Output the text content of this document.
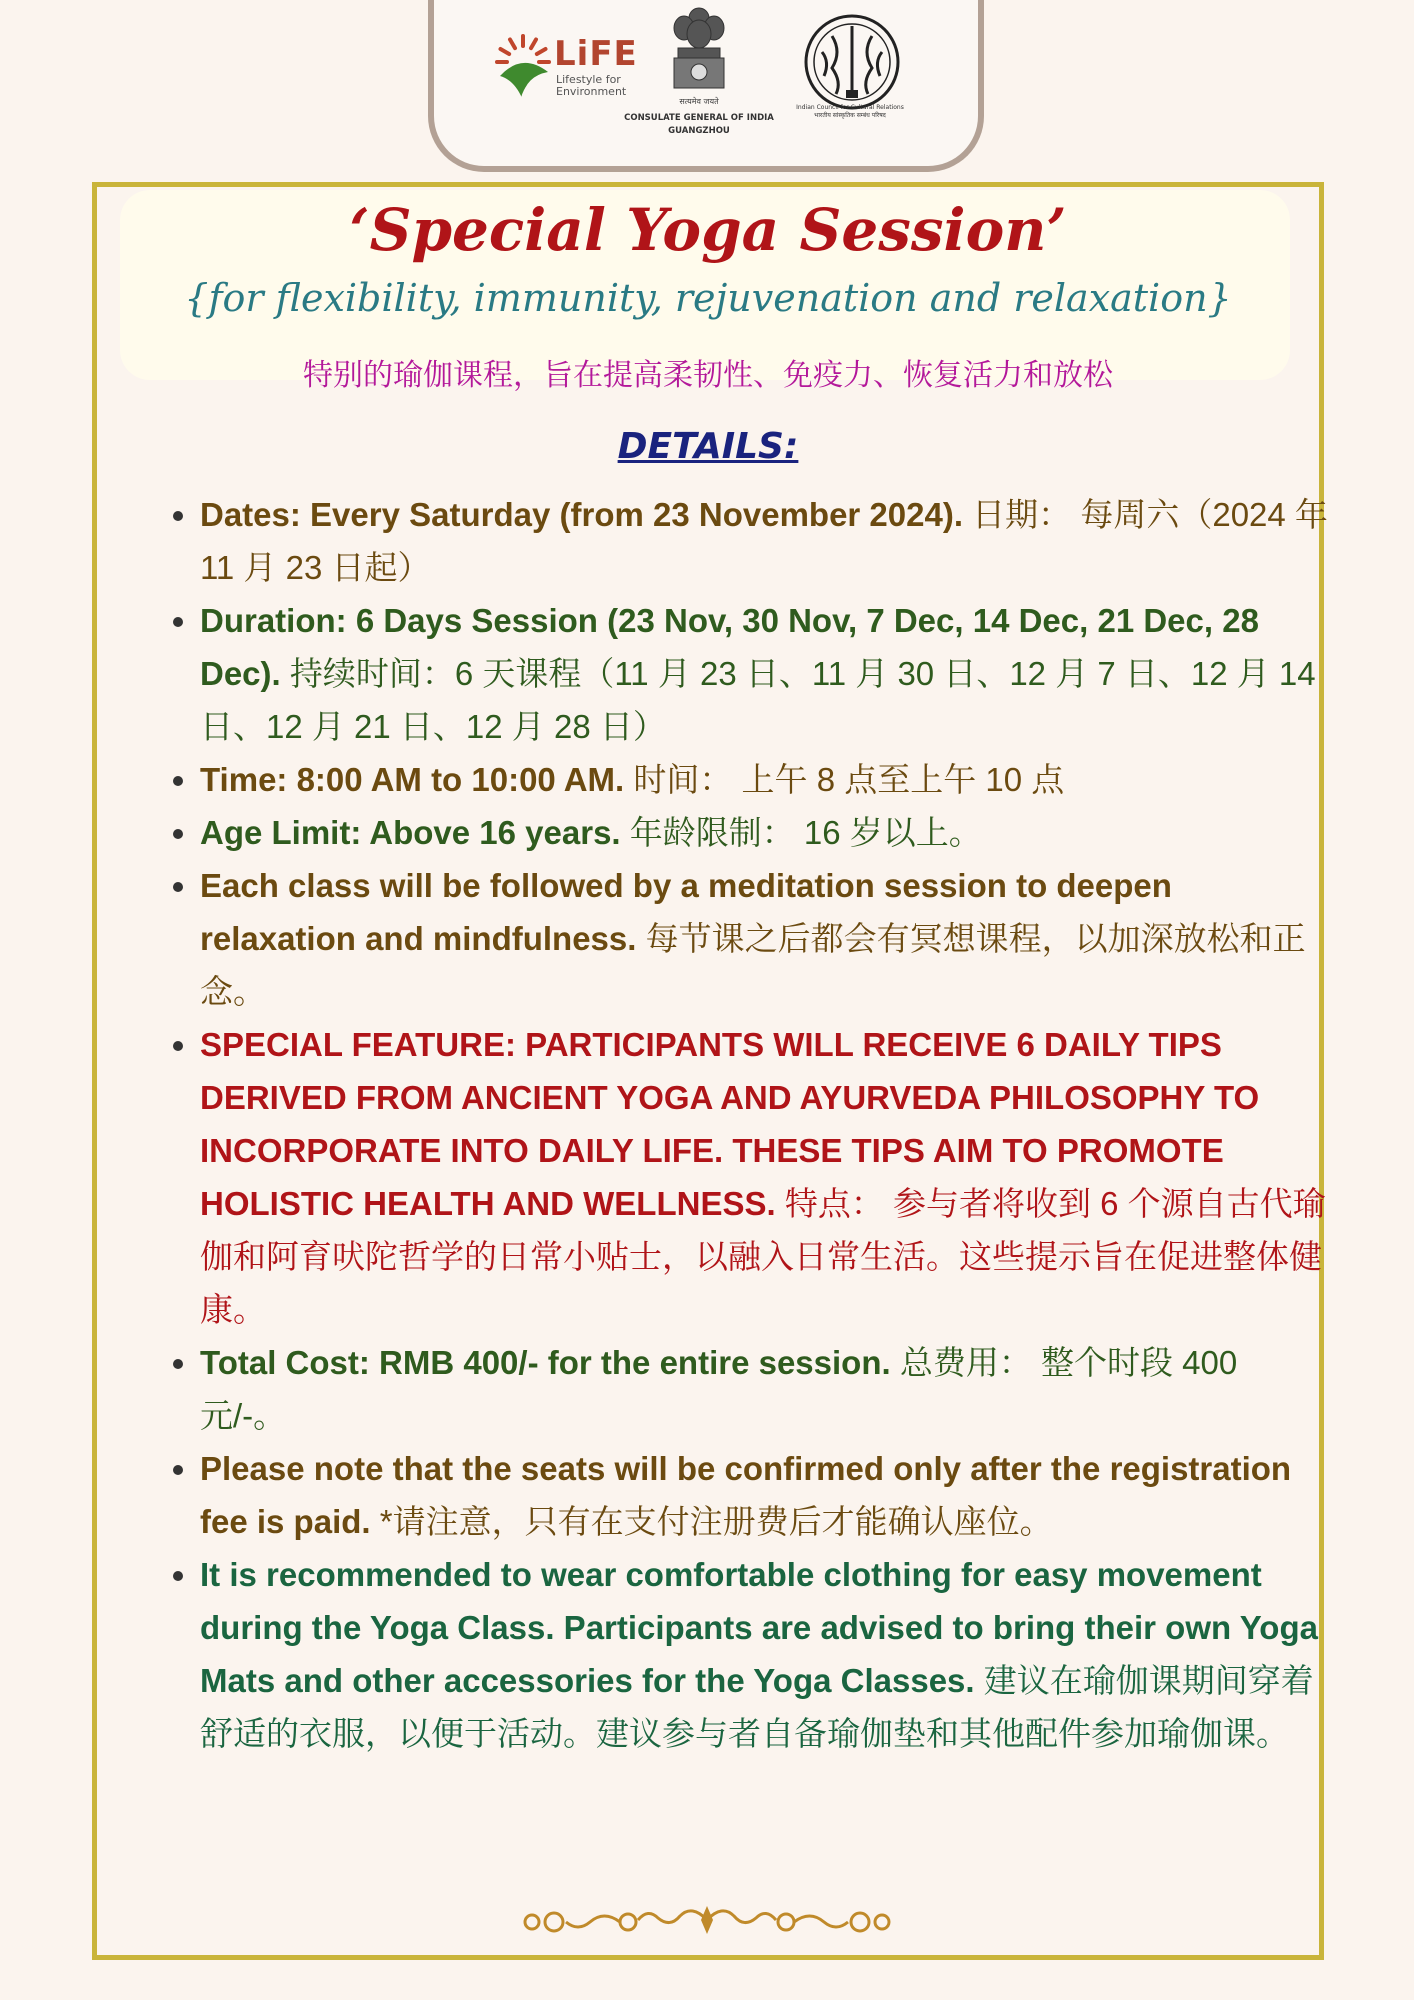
LiFE
Lifestyle for Environment
सत्यमेव जयते
CONSULATE GENERAL OF INDIA
GUANGZHOU
Indian Council for Cultural Relations
भारतीय सांस्कृतिक सम्बंध परिषद
‘Special Yoga Session’
{for flexibility, immunity, rejuvenation and relaxation}
特别的瑜伽课程，旨在提高柔韧性、免疫力、恢复活力和放松
DETAILS:
• Dates: Every Saturday (from 23 November 2024). 日期： 每周六（2024 年 11 月 23 日起）
• Duration: 6 Days Session (23 Nov, 30 Nov, 7 Dec, 14 Dec, 21 Dec, 28 Dec). 持续时间：6 天课程（11 月 23 日、11 月 30 日、12 月 7 日、12 月 14 日、12 月 21 日、12 月 28 日）
• Time: 8:00 AM to 10:00 AM. 时间： 上午 8 点至上午 10 点
• Age Limit: Above 16 years. 年龄限制： 16 岁以上。
• Each class will be followed by a meditation session to deepen relaxation and mindfulness. 每节课之后都会有冥想课程，以加深放松和正念。
• SPECIAL FEATURE: PARTICIPANTS WILL RECEIVE 6 DAILY TIPS DERIVED FROM ANCIENT YOGA AND AYURVEDA PHILOSOPHY TO INCORPORATE INTO DAILY LIFE. THESE TIPS AIM TO PROMOTE HOLISTIC HEALTH AND WELLNESS. 特点： 参与者将收到 6 个源自古代瑜伽和阿育吠陀哲学的日常小贴士，以融入日常生活。这些提示旨在促进整体健康。
• Total Cost: RMB 400/- for the entire session. 总费用： 整个时段 400 元/-。
• Please note that the seats will be confirmed only after the registration fee is paid. *请注意，只有在支付注册费后才能确认座位。
• It is recommended to wear comfortable clothing for easy movement during the Yoga Class. Participants are advised to bring their own Yoga Mats and other accessories for the Yoga Classes. 建议在瑜伽课期间穿着舒适的衣服，以便于活动。建议参与者自备瑜伽垫和其他配件参加瑜伽课。
